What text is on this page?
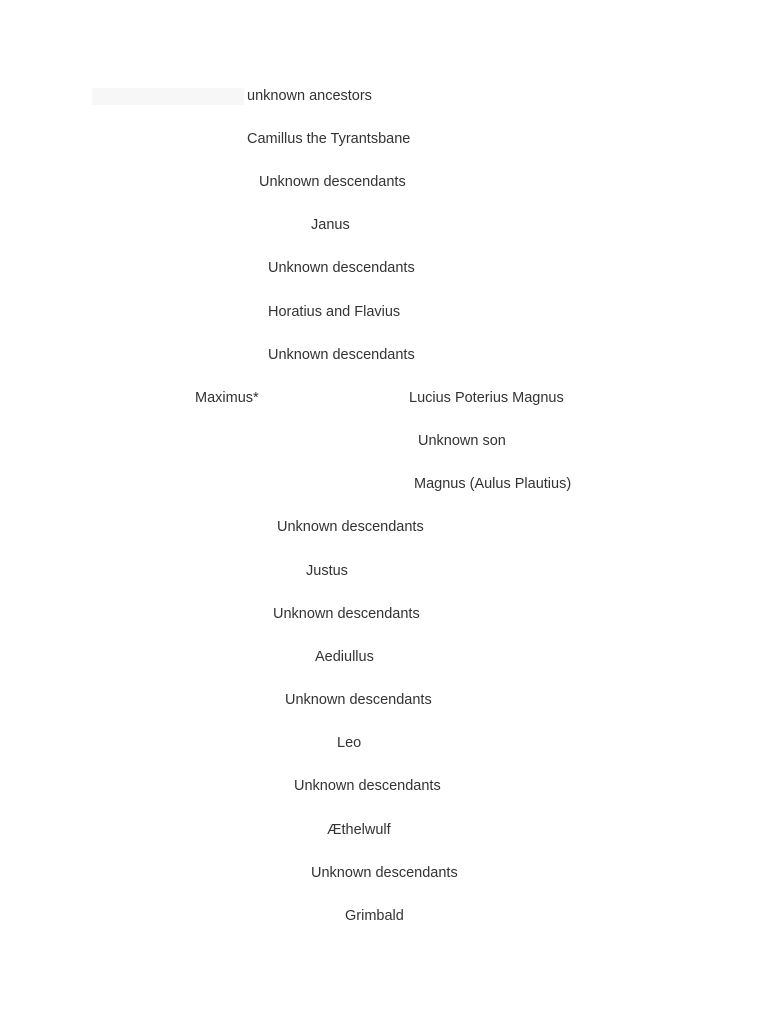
unknown ancestors
Camillus the Tyrantsbane
Unknown descendants
Janus
Unknown descendants
Horatius and Flavius
Unknown descendants
Maximus*	Lucius Poterius Magnus
Unknown son
Magnus (Aulus Plautius)
Unknown descendants
Justus
Unknown descendants
Aediullus
Unknown descendants
Leo
Unknown descendants
Æthelwulf
Unknown descendants
Grimbald
